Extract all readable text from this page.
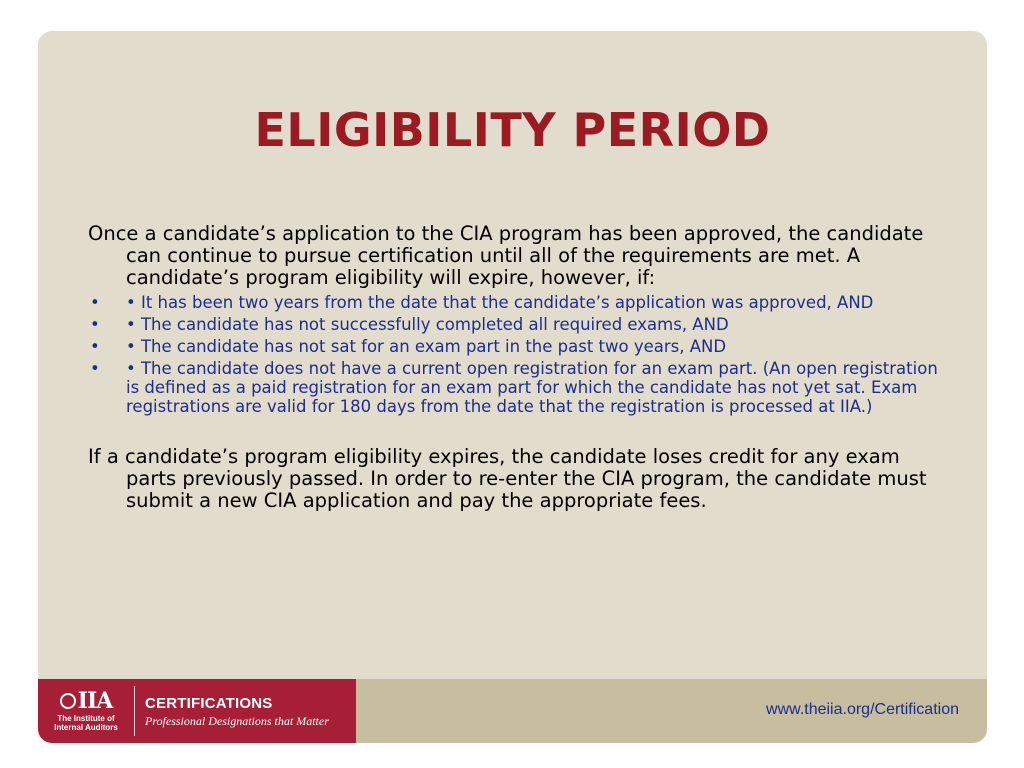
ELIGIBILITY PERIOD

Once a candidate’s application to the CIA program has been approved, the candidate can continue to pursue certification until all of the requirements are met. A candidate’s program eligibility will expire, however, if:

• • It has been two years from the date that the candidate’s application was approved, AND
• • The candidate has not successfully completed all required exams, AND
• • The candidate has not sat for an exam part in the past two years, AND
• • The candidate does not have a current open registration for an exam part. (An open registration is defined as a paid registration for an exam part for which the candidate has not yet sat. Exam registrations are valid for 180 days from the date that the registration is processed at IIA.)

If a candidate’s program eligibility expires, the candidate loses credit for any exam parts previously passed. In order to re-enter the CIA program, the candidate must submit a new CIA application and pay the appropriate fees.

IIA
The Institute of
Internal Auditors
CERTIFICATIONS
Professional Designations that Matter
www.theiia.org/Certification
